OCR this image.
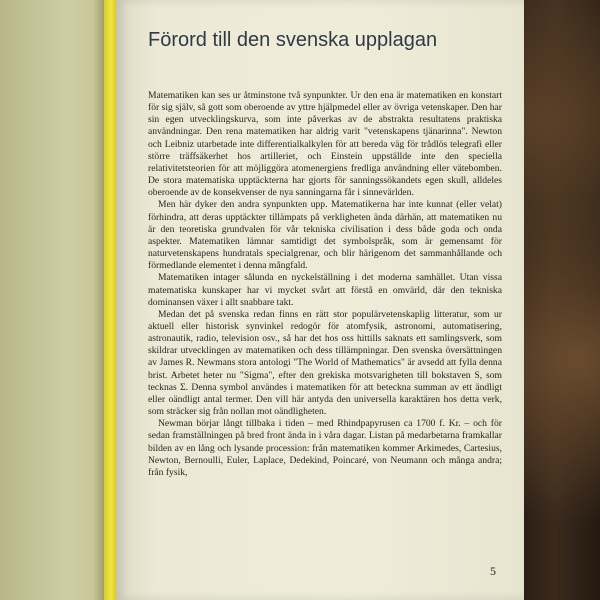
Förord till den svenska upplagan

Matematiken kan ses ur åtminstone två synpunkter. Ur den ena är matematiken en konstart för sig själv, så gott som oberoende av yttre hjälpmedel eller av övriga vetenskaper. Den har sin egen utvecklingskurva, som inte påverkas av de abstrakta resultatens praktiska användningar. Den rena matematiken har aldrig varit "vetenskapens tjänarinna". Newton och Leibniz utarbetade inte differentialkalkylen för att bereda väg för trådlös telegrafi eller större träffsäkerhet hos artilleriet, och Einstein uppställde inte den speciella relativitetsteorien för att möjliggöra atomenergiens fredliga användning eller vätebomben. De stora matematiska upptäckterna har gjorts för sanningssökandets egen skull, alldeles oberoende av de konsekvenser de nya sanningarna får i sinnevärlden.

Men här dyker den andra synpunkten upp. Matematikerna har inte kunnat (eller velat) förhindra, att deras upptäckter tillämpats på verkligheten ända därhän, att matematiken nu är den teoretiska grundvalen för vår tekniska civilisation i dess både goda och onda aspekter. Matematiken lämnar samtidigt det symbolspråk, som är gemensamt för naturvetenskapens hundratals specialgrenar, och blir härigenom det sammanhållande och förmedlande elementet i denna mångfald.

Matematiken intager sålunda en nyckelställning i det moderna samhället. Utan vissa matematiska kunskaper har vi mycket svårt att förstå en omvärld, där den tekniska dominansen växer i allt snabbare takt.

Medan det på svenska redan finns en rätt stor populärvetenskaplig litteratur, som ur aktuell eller historisk synvinkel redogör för atomfysik, astronomi, automatisering, astronautik, radio, television osv., så har det hos oss hittills saknats ett samlingsverk, som skildrar utvecklingen av matematiken och dess tillämpningar. Den svenska översättningen av James R. Newmans stora antologi "The World of Mathematics" är avsedd att fylla denna brist. Arbetet heter nu "Sigma", efter den grekiska motsvarigheten till bokstaven S, som tecknas Σ. Denna symbol användes i matematiken för att beteckna summan av ett ändligt eller oändligt antal termer. Den vill här antyda den universella karaktären hos detta verk, som sträcker sig från nollan mot oändligheten.

Newman börjar långt tillbaka i tiden – med Rhindpapyrusen ca 1700 f. Kr. – och för sedan framställningen på bred front ända in i våra dagar. Listan på medarbetarna framkallar bilden av en lång och lysande procession: från matematiken kommer Arkimedes, Cartesius, Newton, Bernoulli, Euler, Laplace, Dedekind, Poincaré, von Neumann och många andra; från fysik,

5
